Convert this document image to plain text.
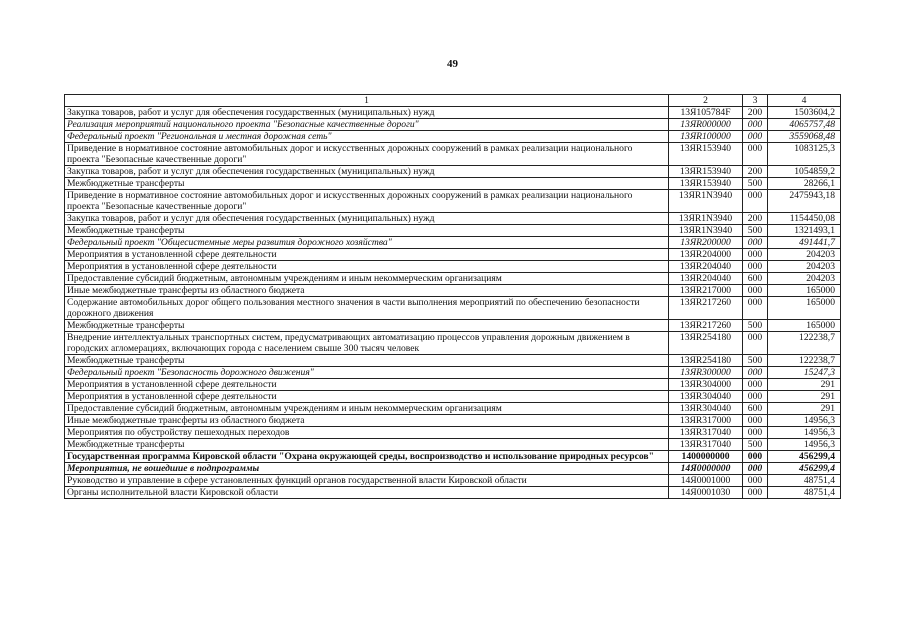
49
1	2	3	4
Закупка товаров, работ и услуг для обеспечения государственных (муниципальных) нужд	13Я105784F	200	1503604,2
Реализация мероприятий национального проекта "Безопасные качественные дороги"	13ЯR000000	000	4065757,48
Федеральный проект "Региональная и местная дорожная сеть"	13ЯR100000	000	3559068,48
Приведение в нормативное состояние автомобильных дорог и искусственных дорожных сооружений в рамках реализации национального проекта "Безопасные качественные дороги"	13ЯR153940	000	1083125,3
Закупка товаров, работ и услуг для обеспечения государственных (муниципальных) нужд	13ЯR153940	200	1054859,2
Межбюджетные трансферты	13ЯR153940	500	28266,1
Приведение в нормативное состояние автомобильных дорог и искусственных дорожных сооружений в рамках реализации национального проекта "Безопасные качественные дороги"	13ЯR1N3940	000	2475943,18
Закупка товаров, работ и услуг для обеспечения государственных (муниципальных) нужд	13ЯR1N3940	200	1154450,08
Межбюджетные трансферты	13ЯR1N3940	500	1321493,1
Федеральный проект "Общесистемные меры развития дорожного хозяйства"	13ЯR200000	000	491441,7
Мероприятия в установленной сфере деятельности	13ЯR204000	000	204203
Мероприятия в установленной сфере деятельности	13ЯR204040	000	204203
Предоставление субсидий бюджетным, автономным учреждениям и иным некоммерческим организациям	13ЯR204040	600	204203
Иные межбюджетные трансферты из областного бюджета	13ЯR217000	000	165000
Содержание автомобильных дорог общего пользования местного значения в части выполнения мероприятий по обеспечению безопасности дорожного движения	13ЯR217260	000	165000
Межбюджетные трансферты	13ЯR217260	500	165000
Внедрение интеллектуальных транспортных систем, предусматривающих автоматизацию процессов управления дорожным движением в городских агломерациях, включающих города с населением свыше 300 тысяч человек	13ЯR254180	000	122238,7
Межбюджетные трансферты	13ЯR254180	500	122238,7
Федеральный проект "Безопасность дорожного движения"	13ЯR300000	000	15247,3
Мероприятия в установленной сфере деятельности	13ЯR304000	000	291
Мероприятия в установленной сфере деятельности	13ЯR304040	000	291
Предоставление субсидий бюджетным, автономным учреждениям и иным некоммерческим организациям	13ЯR304040	600	291
Иные межбюджетные трансферты из областного бюджета	13ЯR317000	000	14956,3
Мероприятия по обустройству пешеходных переходов	13ЯR317040	000	14956,3
Межбюджетные трансферты	13ЯR317040	500	14956,3
Государственная программа Кировской области "Охрана окружающей среды, воспроизводство и использование природных ресурсов"	1400000000	000	456299,4
Мероприятия, не вошедшие в подпрограммы	14Я0000000	000	456299,4
Руководство и управление в сфере установленных функций органов государственной власти Кировской области	14Я0001000	000	48751,4
Органы исполнительной власти Кировской области	14Я0001030	000	48751,4
